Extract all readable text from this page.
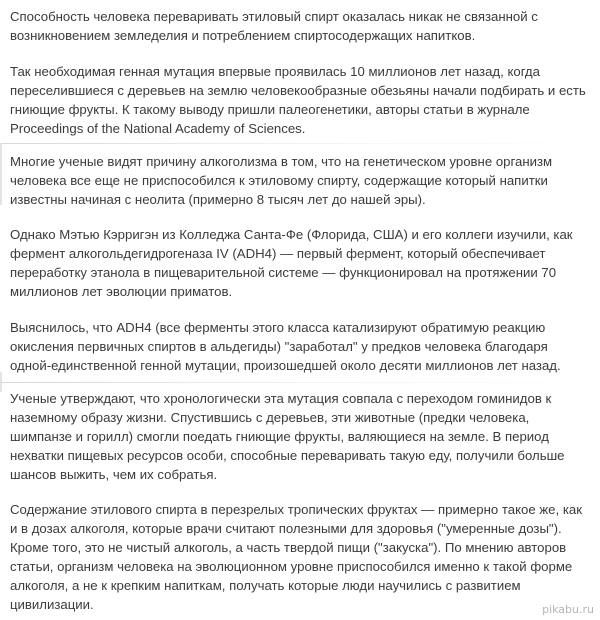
Способность человека переваривать этиловый спирт оказалась никак не связанной с
возникновением земледелия и потреблением спиртосодержащих напитков.
Так необходимая генная мутация впервые проявилась 10 миллионов лет назад, когда
переселившиеся с деревьев на землю человекообразные обезьяны начали подбирать и есть
гниющие фрукты. К такому выводу пришли палеогенетики, авторы статьи в журнале
Proceedings of the National Academy of Sciences.
Многие ученые видят причину алкоголизма в том, что на генетическом уровне организм
человека все еще не приспособился к этиловому спирту, содержащие который напитки
известны начиная с неолита (примерно 8 тысяч лет до нашей эры).
Однако Мэтью Кэрригэн из Колледжа Санта-Фе (Флорида, США) и его коллеги изучили, как
фермент алкогольдегидрогеназа IV (ADH4) — первый фермент, который обеспечивает
переработку этанола в пищеварительной системе — функционировал на протяжении 70
миллионов лет эволюции приматов.
Выяснилось, что ADH4 (все ферменты этого класса катализируют обратимую реакцию
окисления первичных спиртов в альдегиды) "заработал" у предков человека благодаря
одной-единственной генной мутации, произошедшей около десяти миллионов лет назад.
Ученые утверждают, что хронологически эта мутация совпала с переходом гоминидов к
наземному образу жизни. Спустившись с деревьев, эти животные (предки человека,
шимпанзе и горилл) смогли поедать гниющие фрукты, валяющиеся на земле. В период
нехватки пищевых ресурсов особи, способные переваривать такую еду, получили больше
шансов выжить, чем их собратья.
Содержание этилового спирта в перезрелых тропических фруктах — примерно такое же, как
и в дозах алкоголя, которые врачи считают полезными для здоровья ("умеренные дозы").
Кроме того, это не чистый алкоголь, а часть твердой пищи ("закуска"). По мнению авторов
статьи, организм человека на эволюционном уровне приспособился именно к такой форме
алкоголя, а не к крепким напиткам, получать которые люди научились с развитием
цивилизации.	pikabu.ru
